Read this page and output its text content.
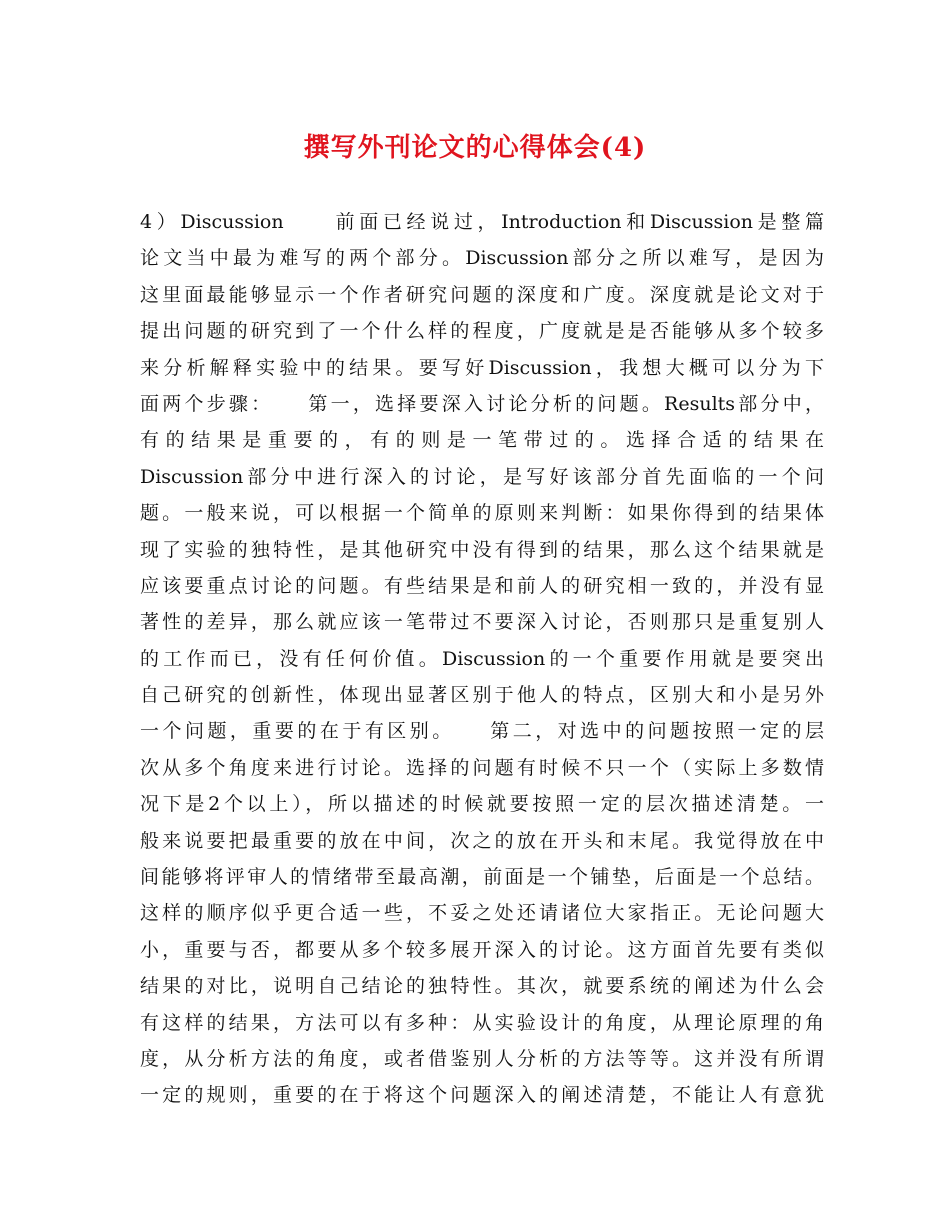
撰写外刊论文的心得体会(4)
4）Discussion　　前面已经说过，Introduction和Discussion是整篇
论文当中最为难写的两个部分。Discussion部分之所以难写，是因为
这里面最能够显示一个作者研究问题的深度和广度。深度就是论文对于
提出问题的研究到了一个什么样的程度，广度就是是否能够从多个较多
来分析解释实验中的结果。要写好Discussion，我想大概可以分为下
面两个步骤：　　第一，选择要深入讨论分析的问题。Results部分中，
有的结果是重要的，有的则是一笔带过的。选择合适的结果在
Discussion部分中进行深入的讨论，是写好该部分首先面临的一个问
题。一般来说，可以根据一个简单的原则来判断：如果你得到的结果体
现了实验的独特性，是其他研究中没有得到的结果，那么这个结果就是
应该要重点讨论的问题。有些结果是和前人的研究相一致的，并没有显
著性的差异，那么就应该一笔带过不要深入讨论，否则那只是重复别人
的工作而已，没有任何价值。Discussion的一个重要作用就是要突出
自己研究的创新性，体现出显著区别于他人的特点，区别大和小是另外
一个问题，重要的在于有区别。　　第二，对选中的问题按照一定的层
次从多个角度来进行讨论。选择的问题有时候不只一个（实际上多数情
况下是2个以上），所以描述的时候就要按照一定的层次描述清楚。一
般来说要把最重要的放在中间，次之的放在开头和末尾。我觉得放在中
间能够将评审人的情绪带至最高潮，前面是一个铺垫，后面是一个总结。
这样的顺序似乎更合适一些，不妥之处还请诸位大家指正。无论问题大
小，重要与否，都要从多个较多展开深入的讨论。这方面首先要有类似
结果的对比，说明自己结论的独特性。其次，就要系统的阐述为什么会
有这样的结果，方法可以有多种：从实验设计的角度，从理论原理的角
度，从分析方法的角度，或者借鉴别人分析的方法等等。这并没有所谓
一定的规则，重要的在于将这个问题深入的阐述清楚，不能让人有意犹
